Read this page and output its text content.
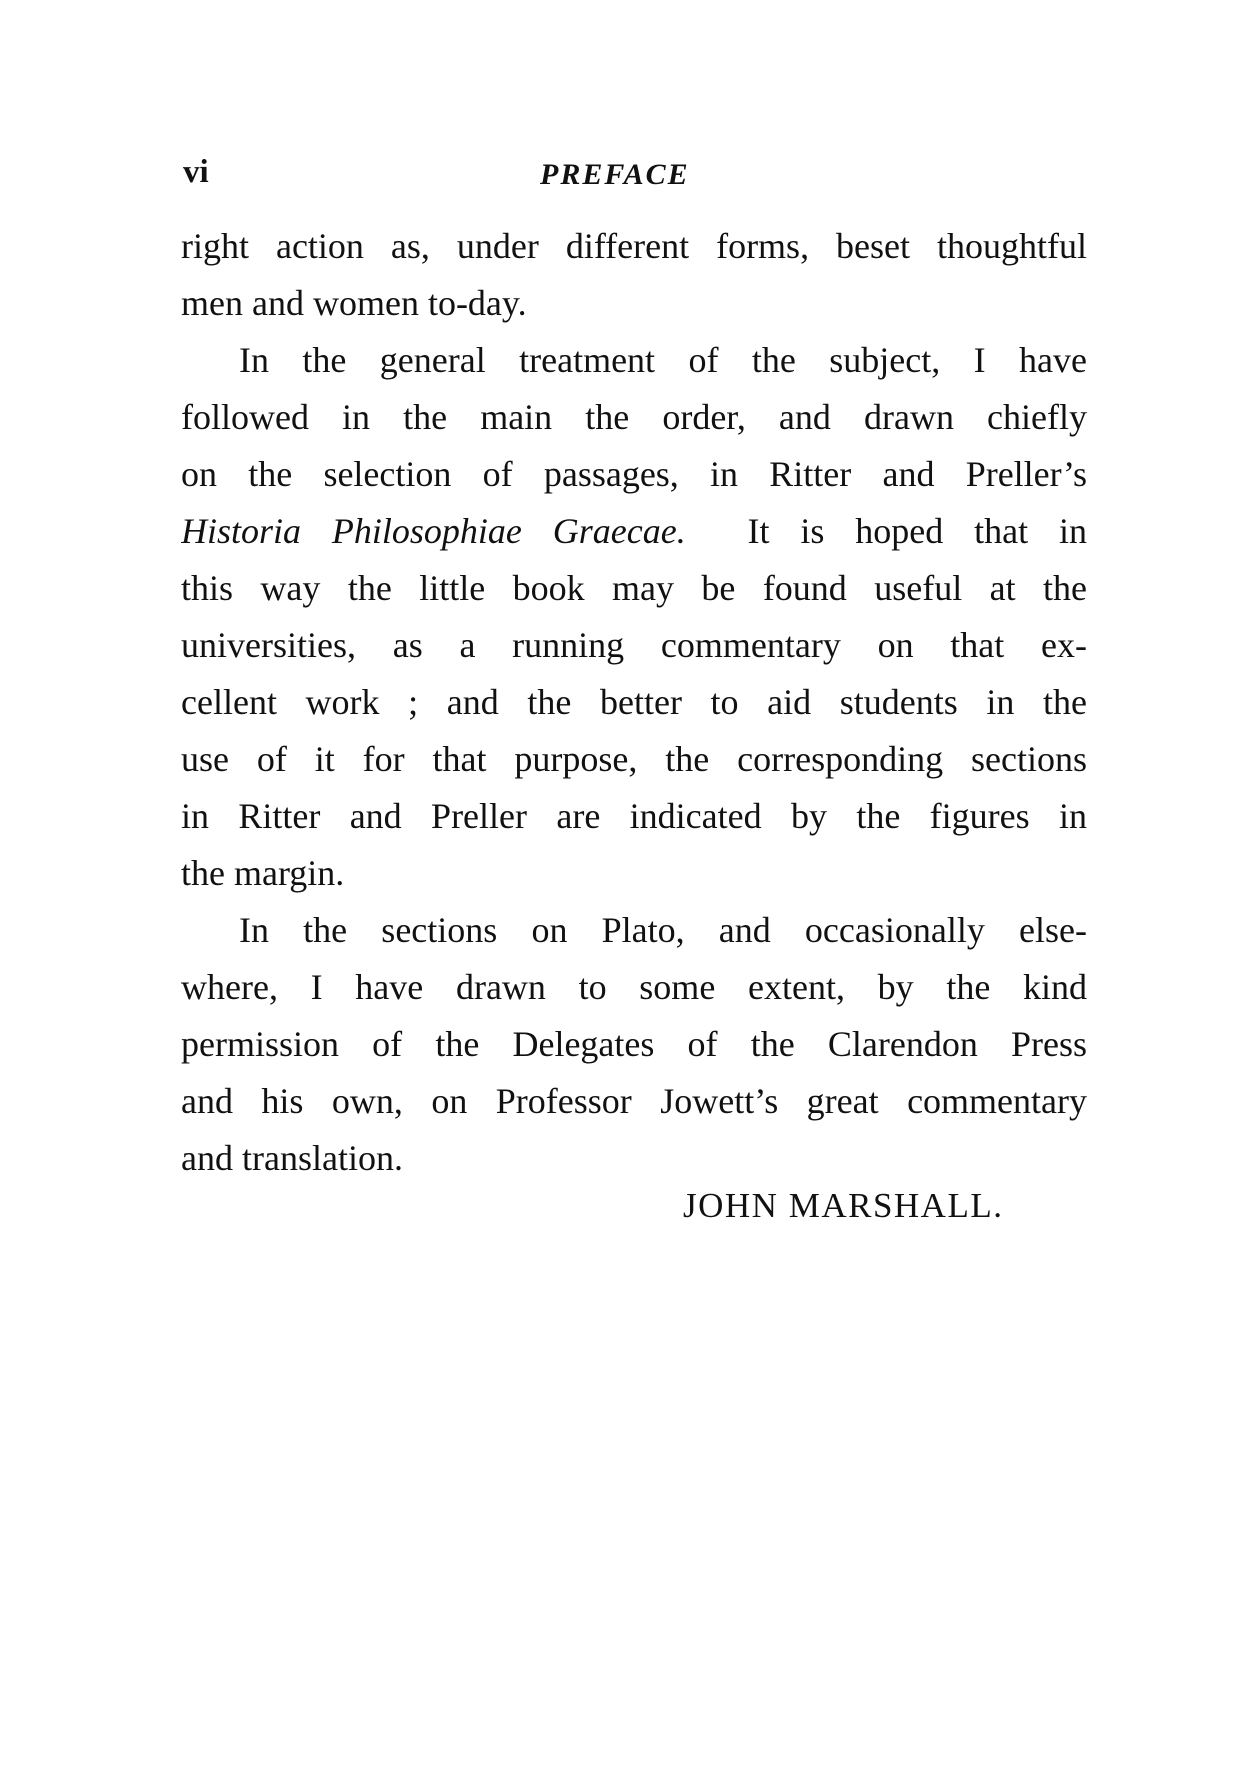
vi	PREFACE
right action as, under different forms, beset thoughtful
men and women to-day.
In the general treatment of the subject, I have
followed in the main the order, and drawn chiefly
on the selection of passages, in Ritter and Preller’s
Historia Philosophiae Graecae.  It is hoped that in
this way the little book may be found useful at the
universities, as a running commentary on that ex-
cellent work ; and the better to aid students in the
use of it for that purpose, the corresponding sections
in Ritter and Preller are indicated by the figures in
the margin.
In the sections on Plato, and occasionally else-
where, I have drawn to some extent, by the kind
permission of the Delegates of the Clarendon Press
and his own, on Professor Jowett’s great commentary
and translation.
JOHN MARSHALL.
